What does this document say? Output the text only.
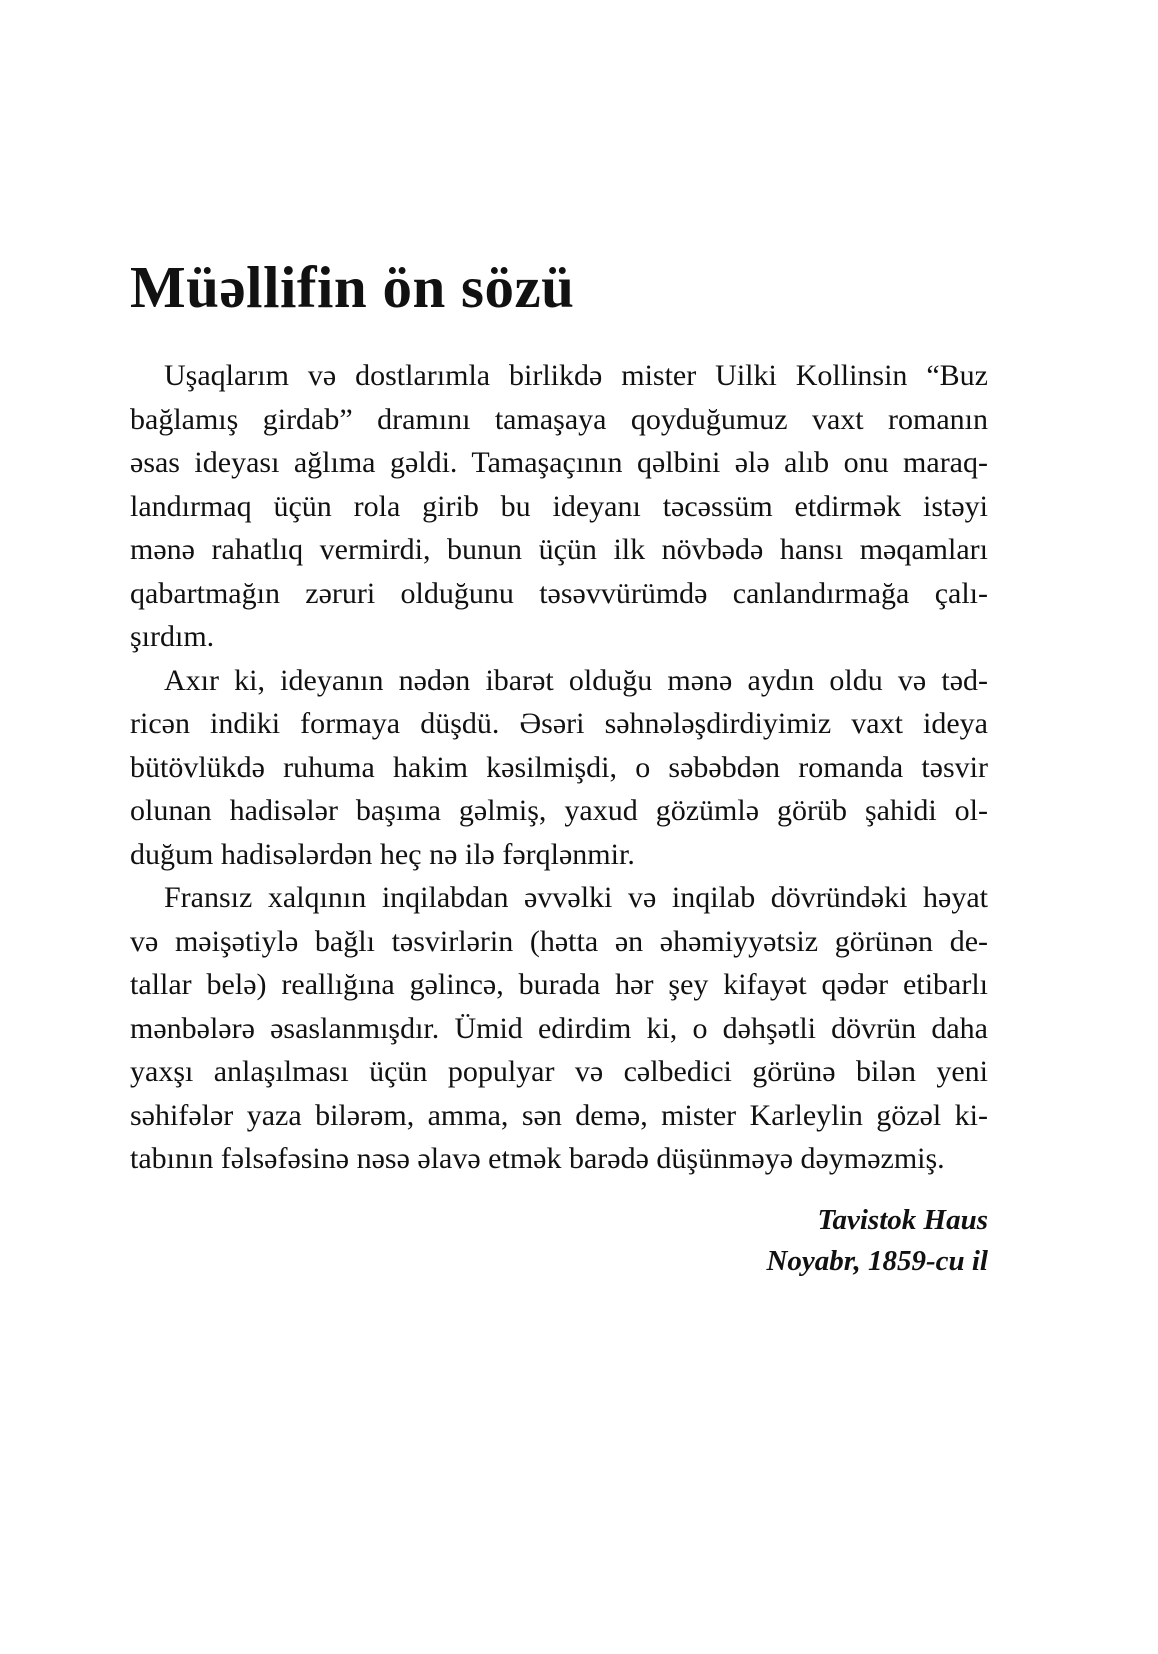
Müəllifin ön sözü
Uşaqlarım və dostlarımla birlikdə mister Uilki Kollinsin “Buz
bağlamış girdab” dramını tamaşaya qoyduğumuz vaxt romanın
əsas ideyası ağlıma gəldi. Tamaşaçının qəlbini ələ alıb onu maraq-
landırmaq üçün rola girib bu ideyanı təcəssüm etdirmək istəyi
mənə rahatlıq vermirdi, bunun üçün ilk növbədə hansı məqamları
qabartmağın zəruri olduğunu təsəvvürümdə canlandırmağa çalı-
şırdım.
Axır ki, ideyanın nədən ibarət olduğu mənə aydın oldu və təd-
ricən indiki formaya düşdü. Əsəri səhnələşdirdiyimiz vaxt ideya
bütövlükdə ruhuma hakim kəsilmişdi, o səbəbdən romanda təsvir
olunan hadisələr başıma gəlmiş, yaxud gözümlə görüb şahidi ol-
duğum hadisələrdən heç nə ilə fərqlənmir.
Fransız xalqının inqilabdan əvvəlki və inqilab dövründəki həyat
və məişətiylə bağlı təsvirlərin (hətta ən əhəmiyyətsiz görünən de-
tallar belə) reallığına gəlincə, burada hər şey kifayət qədər etibarlı
mənbələrə əsaslanmışdır. Ümid edirdim ki, o dəhşətli dövrün daha
yaxşı anlaşılması üçün populyar və cəlbedici görünə bilən yeni
səhifələr yaza bilərəm, amma, sən demə, mister Karleylin gözəl ki-
tabının fəlsəfəsinə nəsə əlavə etmək barədə düşünməyə dəyməzmiş.
Tavistok Haus
Noyabr, 1859-cu il
